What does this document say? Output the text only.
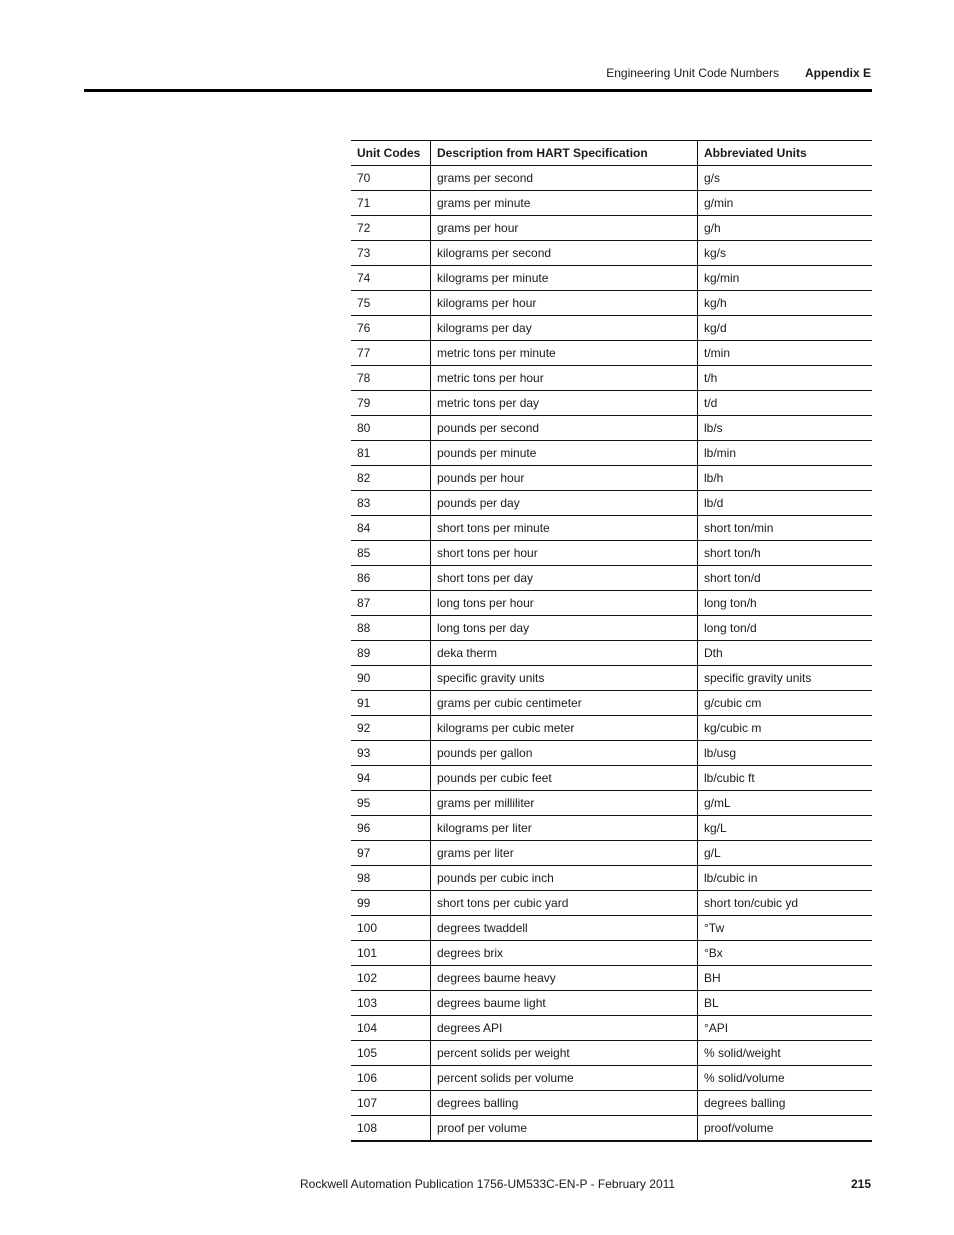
Engineering Unit Code Numbers Appendix E
Unit Codes	Description from HART Specification	Abbreviated Units
70	grams per second	g/s
71	grams per minute	g/min
72	grams per hour	g/h
73	kilograms per second	kg/s
74	kilograms per minute	kg/min
75	kilograms per hour	kg/h
76	kilograms per day	kg/d
77	metric tons per minute	t/min
78	metric tons per hour	t/h
79	metric tons per day	t/d
80	pounds per second	lb/s
81	pounds per minute	lb/min
82	pounds per hour	lb/h
83	pounds per day	lb/d
84	short tons per minute	short ton/min
85	short tons per hour	short ton/h
86	short tons per day	short ton/d
87	long tons per hour	long ton/h
88	long tons per day	long ton/d
89	deka therm	Dth
90	specific gravity units	specific gravity units
91	grams per cubic centimeter	g/cubic cm
92	kilograms per cubic meter	kg/cubic m
93	pounds per gallon	lb/usg
94	pounds per cubic feet	lb/cubic ft
95	grams per milliliter	g/mL
96	kilograms per liter	kg/L
97	grams per liter	g/L
98	pounds per cubic inch	lb/cubic in
99	short tons per cubic yard	short ton/cubic yd
100	degrees twaddell	°Tw
101	degrees brix	°Bx
102	degrees baume heavy	BH
103	degrees baume light	BL
104	degrees API	°API
105	percent solids per weight	% solid/weight
106	percent solids per volume	% solid/volume
107	degrees balling	degrees balling
108	proof per volume	proof/volume
Rockwell Automation Publication 1756-UM533C-EN-P - February 2011	215
